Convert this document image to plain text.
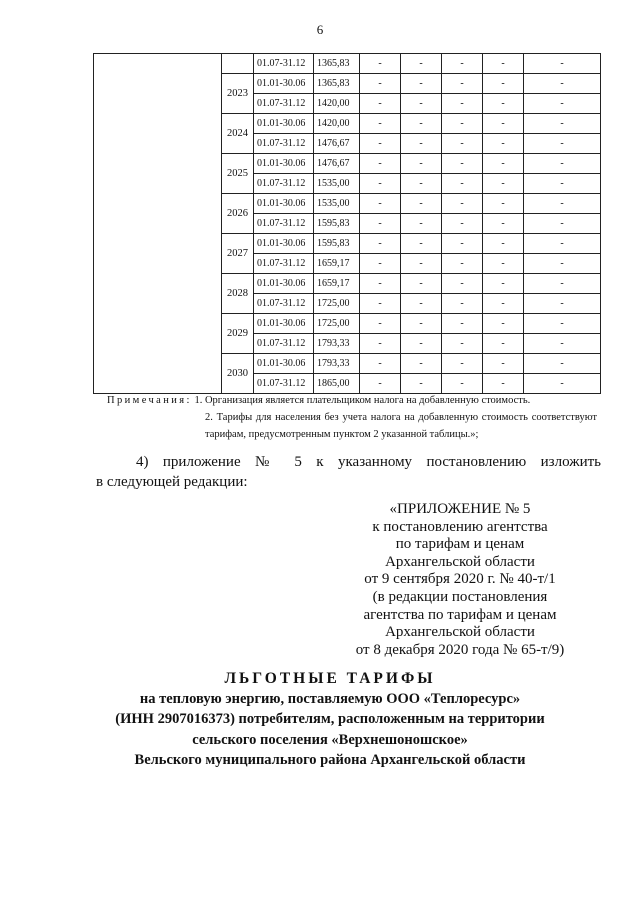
6
		01.07-31.12	1365,83	-	-	-	-	-
	2023	01.01-30.06	1365,83	-	-	-	-	-
		01.07-31.12	1420,00	-	-	-	-	-
	2024	01.01-30.06	1420,00	-	-	-	-	-
		01.07-31.12	1476,67	-	-	-	-	-
	2025	01.01-30.06	1476,67	-	-	-	-	-
		01.07-31.12	1535,00	-	-	-	-	-
	2026	01.01-30.06	1535,00	-	-	-	-	-
		01.07-31.12	1595,83	-	-	-	-	-
	2027	01.01-30.06	1595,83	-	-	-	-	-
		01.07-31.12	1659,17	-	-	-	-	-
	2028	01.01-30.06	1659,17	-	-	-	-	-
		01.07-31.12	1725,00	-	-	-	-	-
	2029	01.01-30.06	1725,00	-	-	-	-	-
		01.07-31.12	1793,33	-	-	-	-	-
	2030	01.01-30.06	1793,33	-	-	-	-	-
		01.07-31.12	1865,00	-	-	-	-	-
Примечания: 1. Организация является плательщиком налога на добавленную стоимость.
2. Тарифы для населения без учета налога на добавленную стоимость соответствуют тарифам, предусмотренным пунктом 2 указанной таблицы.»;
4) приложение № 5 к указанному постановлению изложить
в следующей редакции:
«ПРИЛОЖЕНИЕ № 5
к постановлению агентства
по тарифам и ценам
Архангельской области
от 9 сентября 2020 г. № 40-т/1
(в редакции постановления
агентства по тарифам и ценам
Архангельской области
от 8 декабря 2020 года № 65-т/9)
ЛЬГОТНЫЕ ТАРИФЫ
на тепловую энергию, поставляемую ООО «Теплоресурс»
(ИНН 2907016373) потребителям, расположенным на территории
сельского поселения «Верхнешоношское»
Вельского муниципального района Архангельской области
